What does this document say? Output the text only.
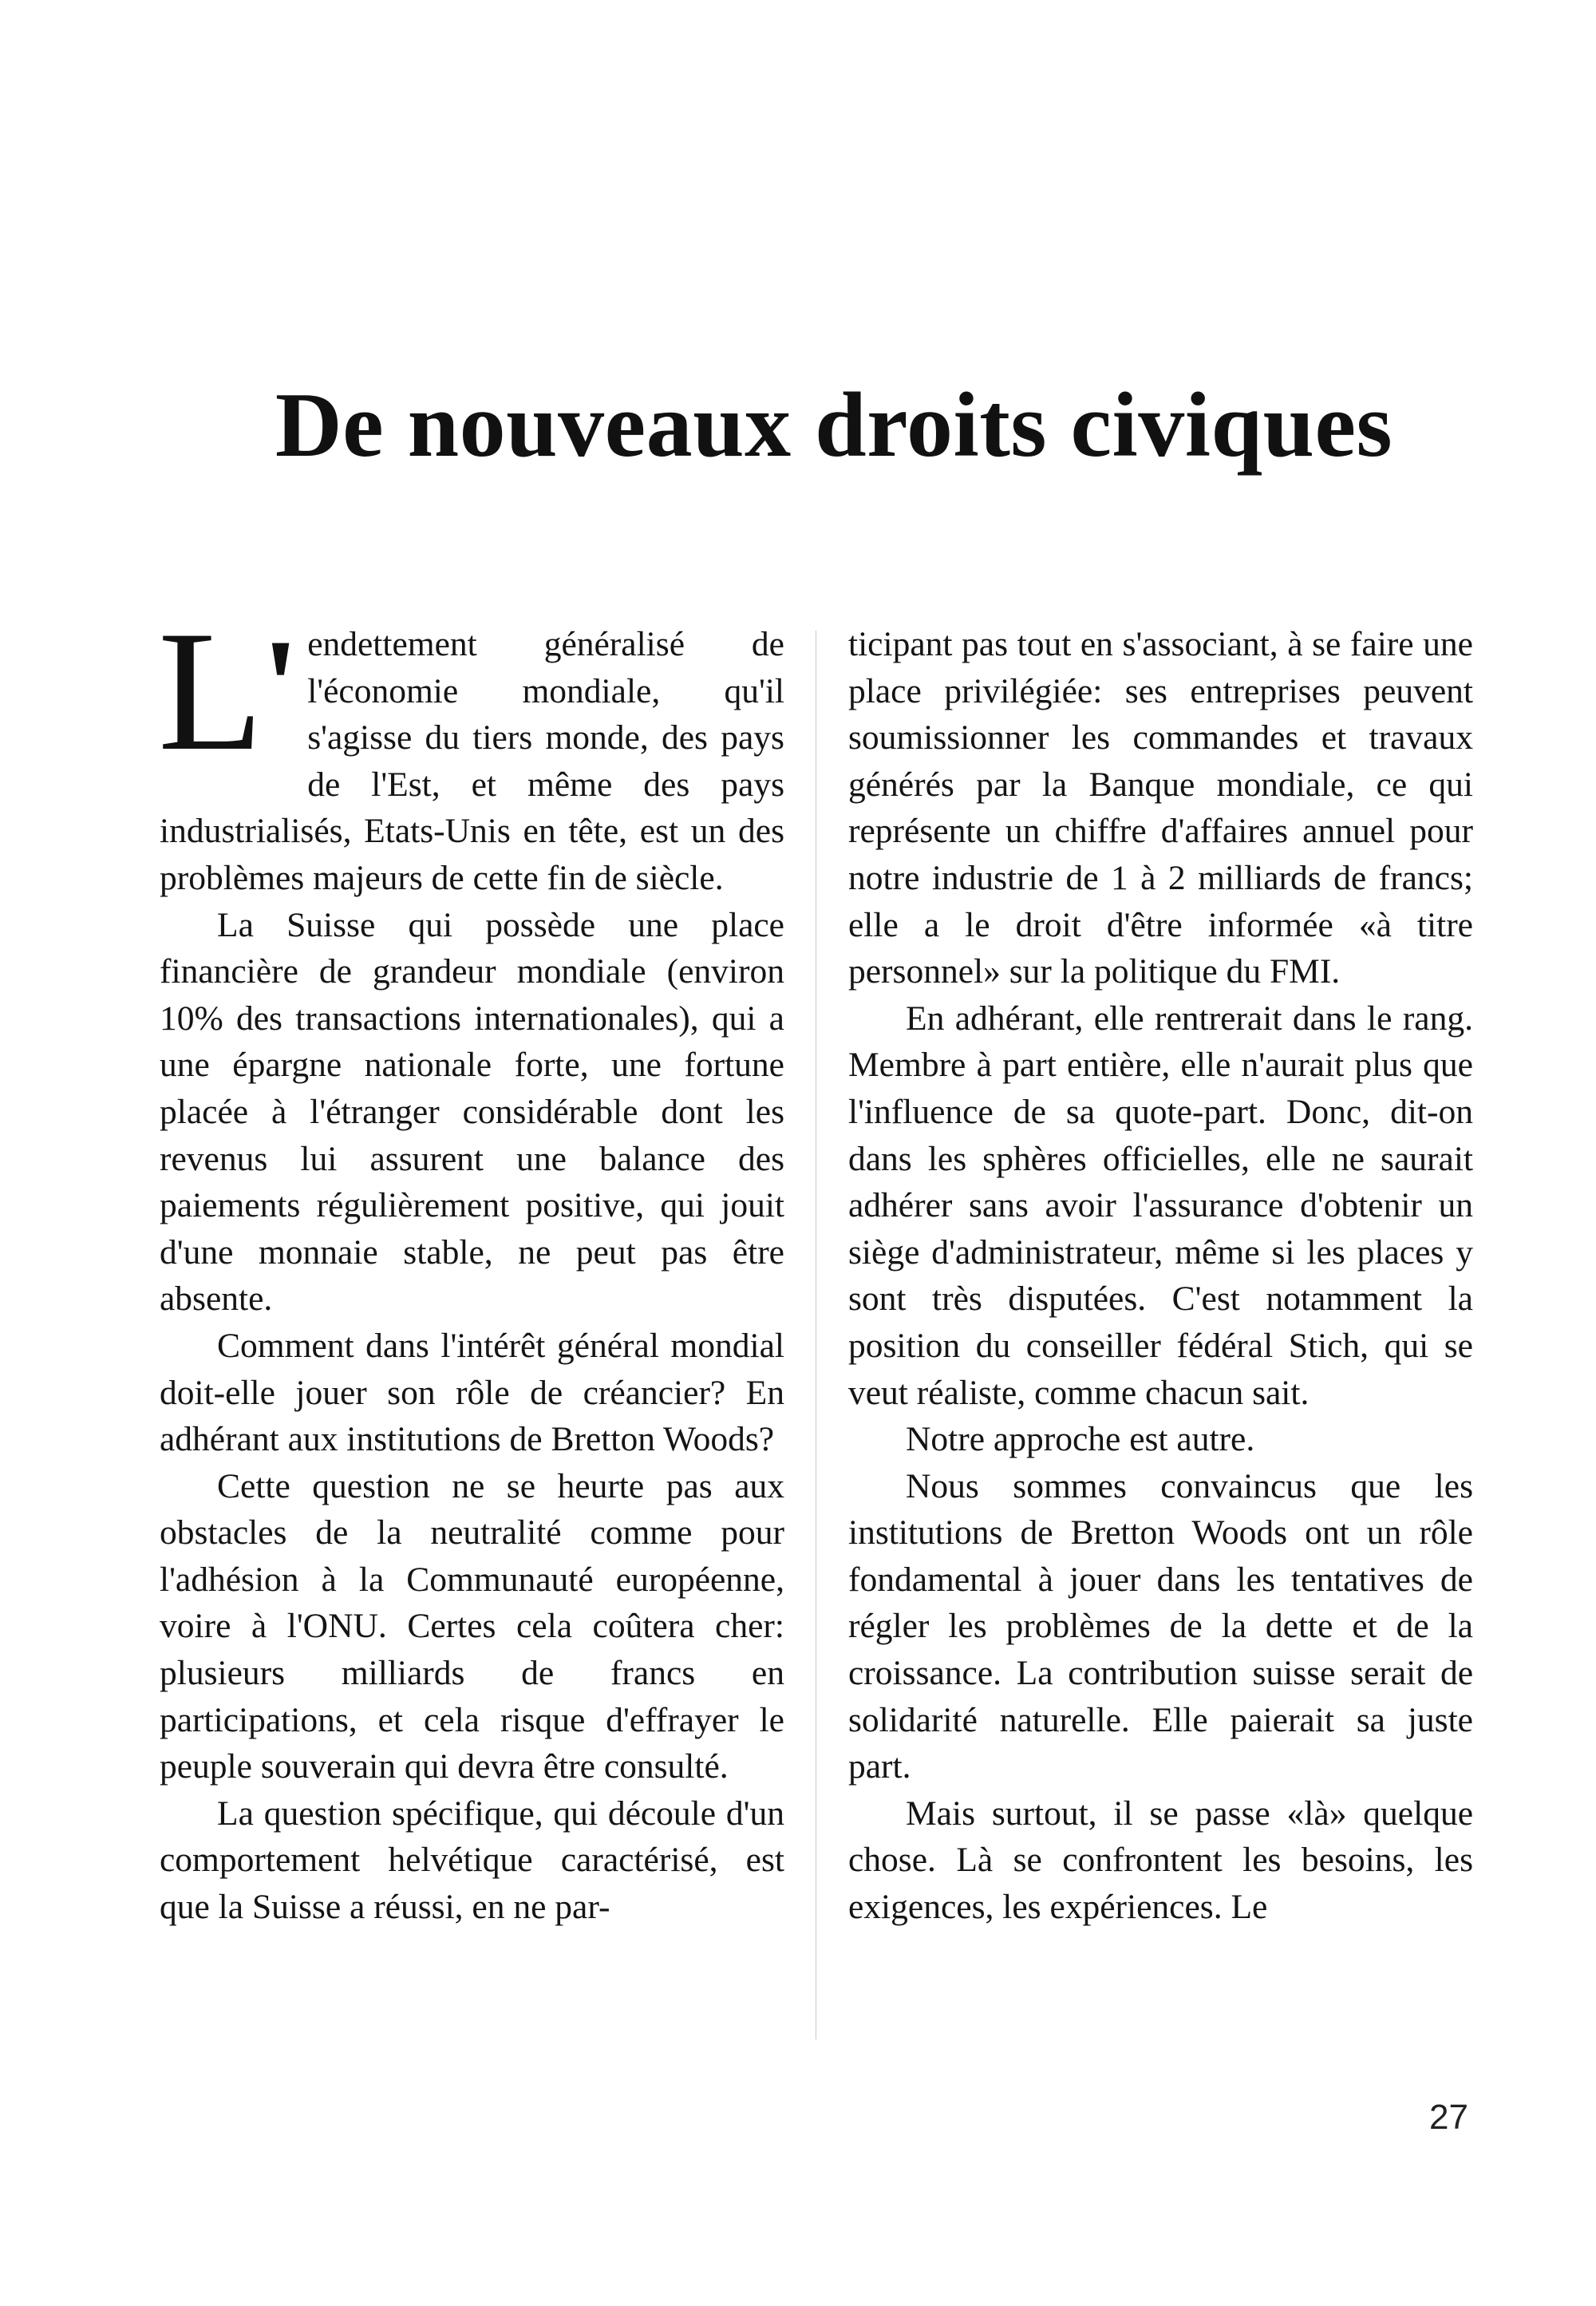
De nouveaux droits civiques

L' endettement généralisé de l'économie mondiale, qu'il s'agisse du tiers monde, des pays de l'Est, et même des pays industrialisés, Etats-Unis en tête, est un des problèmes majeurs de cette fin de siècle.

La Suisse qui possède une place financière de grandeur mondiale (environ 10% des transactions internationales), qui a une épargne nationale forte, une fortune placée à l'étranger considérable dont les revenus lui assurent une balance des paiements régulièrement positive, qui jouit d'une monnaie stable, ne peut pas être absente.

Comment dans l'intérêt général mondial doit-elle jouer son rôle de créancier? En adhérant aux institutions de Bretton Woods?

Cette question ne se heurte pas aux obstacles de la neutralité comme pour l'adhésion à la Communauté européenne, voire à l'ONU. Certes cela coûtera cher: plusieurs milliards de francs en participations, et cela risque d'effrayer le peuple souverain qui devra être consulté.

La question spécifique, qui découle d'un comportement helvétique caractérisé, est que la Suisse a réussi, en ne par-

ticipant pas tout en s'associant, à se faire une place privilégiée: ses entreprises peuvent soumissionner les commandes et travaux générés par la Banque mondiale, ce qui représente un chiffre d'affaires annuel pour notre industrie de 1 à 2 milliards de francs; elle a le droit d'être informée «à titre personnel» sur la politique du FMI.

En adhérant, elle rentrerait dans le rang. Membre à part entière, elle n'aurait plus que l'influence de sa quote-part. Donc, dit-on dans les sphères officielles, elle ne saurait adhérer sans avoir l'assurance d'obtenir un siège d'administrateur, même si les places y sont très disputées. C'est notamment la position du conseiller fédéral Stich, qui se veut réaliste, comme chacun sait.

Notre approche est autre.

Nous sommes convaincus que les institutions de Bretton Woods ont un rôle fondamental à jouer dans les tentatives de régler les problèmes de la dette et de la croissance. La contribution suisse serait de solidarité naturelle. Elle paierait sa juste part.

Mais surtout, il se passe «là» quelque chose. Là se confrontent les besoins, les exigences, les expériences. Le

27
